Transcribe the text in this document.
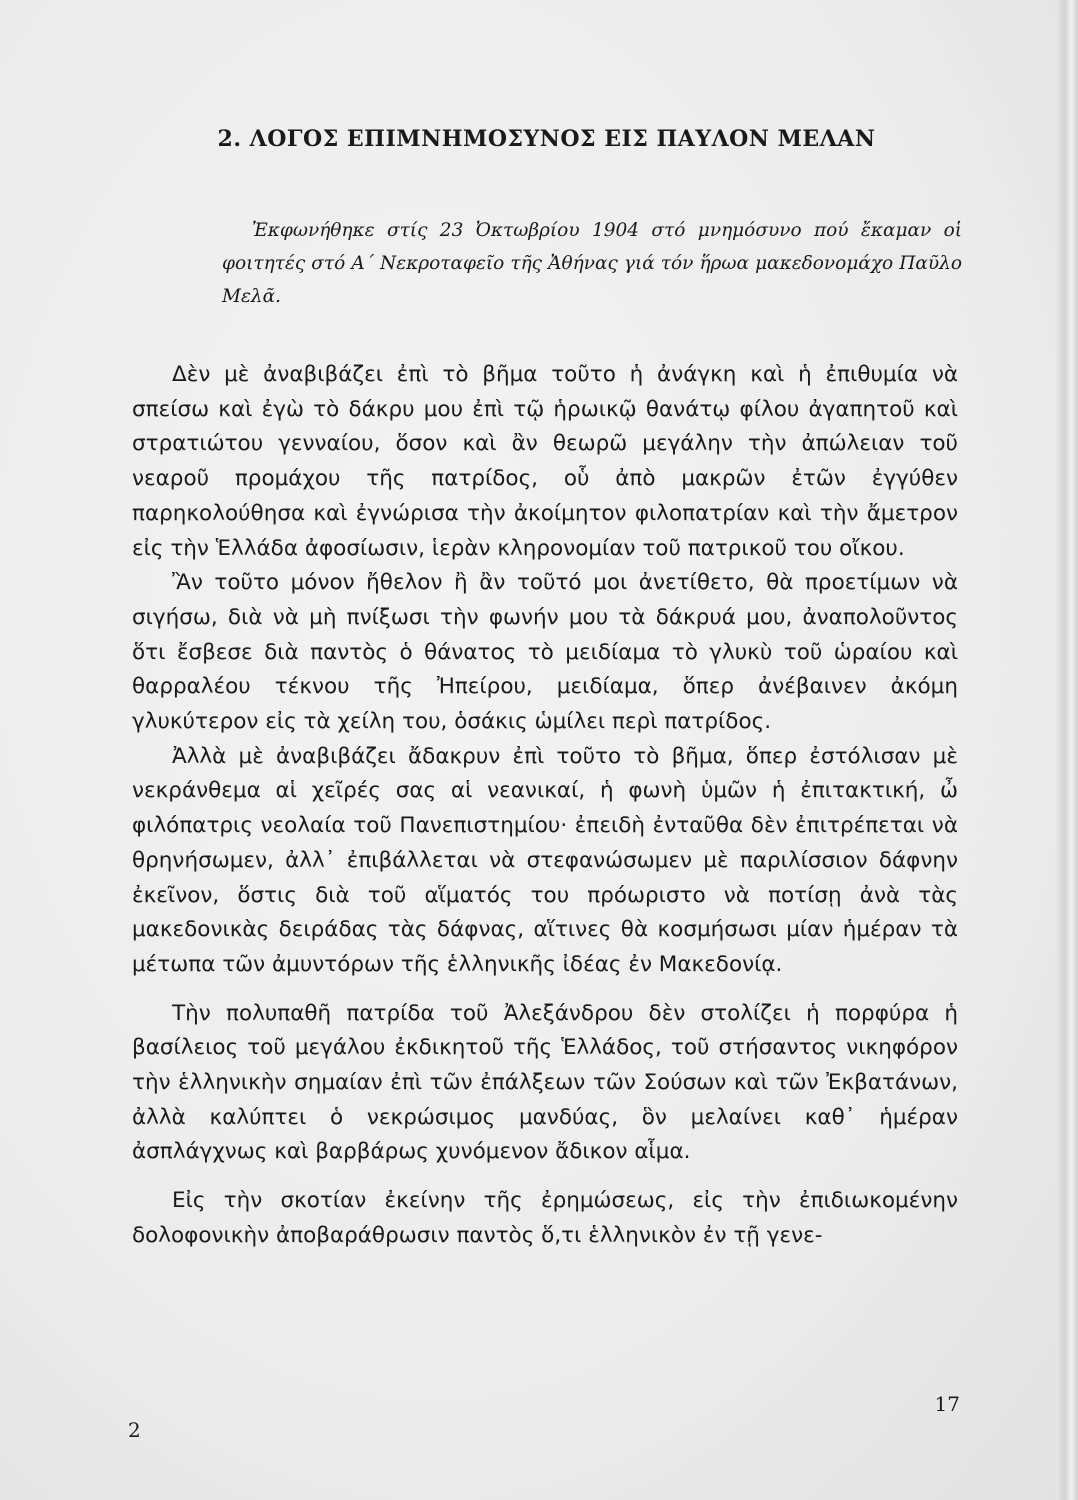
2. ΛΟΓΟΣ ΕΠΙΜΝΗΜΟΣΥΝΟΣ ΕΙΣ ΠΑΥΛΟΝ ΜΕΛΑΝ

Ἐκφωνήθηκε στίς 23 Ὀκτωβρίου 1904 στό μνημόσυνο πού ἔκαμαν οἱ φοιτητές στό Α΄ Νεκροταφεῖο τῆς Ἀθήνας γιά τόν ἥρωα μακεδονομάχο Παῦλο Μελᾶ.

Δὲν μὲ ἀναβιβάζει ἐπὶ τὸ βῆμα τοῦτο ἡ ἀνάγκη καὶ ἡ ἐπιθυμία νὰ σπείσω καὶ ἐγὼ τὸ δάκρυ μου ἐπὶ τῷ ἡρωικῷ θανάτῳ φίλου ἀγαπητοῦ καὶ στρατιώτου γενναίου, ὅσον καὶ ἂν θεωρῶ μεγάλην τὴν ἀπώλειαν τοῦ νεαροῦ προμάχου τῆς πατρίδος, οὗ ἀπὸ μακρῶν ἐτῶν ἐγγύθεν παρηκολούθησα καὶ ἐγνώρισα τὴν ἀκοίμητον φιλοπατρίαν καὶ τὴν ἄμετρον εἰς τὴν Ἑλλάδα ἀφοσίωσιν, ἱερὰν κληρονομίαν τοῦ πατρικοῦ του οἴκου.

Ἂν τοῦτο μόνον ἤθελον ἢ ἂν τοῦτό μοι ἀνετίθετο, θὰ προετίμων νὰ σιγήσω, διὰ νὰ μὴ πνίξωσι τὴν φωνήν μου τὰ δάκρυά μου, ἀναπολοῦντος ὅτι ἔσβεσε διὰ παντὸς ὁ θάνατος τὸ μειδίαμα τὸ γλυκὺ τοῦ ὡραίου καὶ θαρραλέου τέκνου τῆς Ἠπείρου, μειδίαμα, ὅπερ ἀνέβαινεν ἀκόμη γλυκύτερον εἰς τὰ χείλη του, ὁσάκις ὡμίλει περὶ πατρίδος.

Ἀλλὰ μὲ ἀναβιβάζει ἄδακρυν ἐπὶ τοῦτο τὸ βῆμα, ὅπερ ἐστόλισαν μὲ νεκράνθεμα αἱ χεῖρές σας αἱ νεανικαί, ἡ φωνὴ ὑμῶν ἡ ἐπιτακτική, ὦ φιλόπατρις νεολαία τοῦ Πανεπιστημίου· ἐπειδὴ ἐνταῦθα δὲν ἐπιτρέπεται νὰ θρηνήσωμεν, ἀλλ᾽ ἐπιβάλλεται νὰ στεφανώσωμεν μὲ παριλίσσιον δάφνην ἐκεῖνον, ὅστις διὰ τοῦ αἵματός του πρόωριστο νὰ ποτίσῃ ἀνὰ τὰς μακεδονικὰς δειράδας τὰς δάφνας, αἵτινες θὰ κοσμήσωσι μίαν ἡμέραν τὰ μέτωπα τῶν ἀμυντόρων τῆς ἑλληνικῆς ἰδέας ἐν Μακεδονίᾳ.

Τὴν πολυπαθῆ πατρίδα τοῦ Ἀλεξάνδρου δὲν στολίζει ἡ πορφύρα ἡ βασίλειος τοῦ μεγάλου ἐκδικητοῦ τῆς Ἑλλάδος, τοῦ στήσαντος νικηφόρον τὴν ἑλληνικὴν σημαίαν ἐπὶ τῶν ἐπάλξεων τῶν Σούσων καὶ τῶν Ἐκβατάνων, ἀλλὰ καλύπτει ὁ νεκρώσιμος μανδύας, ὃν μελαίνει καθ᾽ ἡμέραν ἀσπλάγχνως καὶ βαρβάρως χυνόμενον ἄδικον αἷμα.

Εἰς τὴν σκοτίαν ἐκείνην τῆς ἐρημώσεως, εἰς τὴν ἐπιδιωκομένην δολοφονικὴν ἀποβαράθρωσιν παντὸς ὅ,τι ἑλληνικὸν ἐν τῇ γενε-

2
17
